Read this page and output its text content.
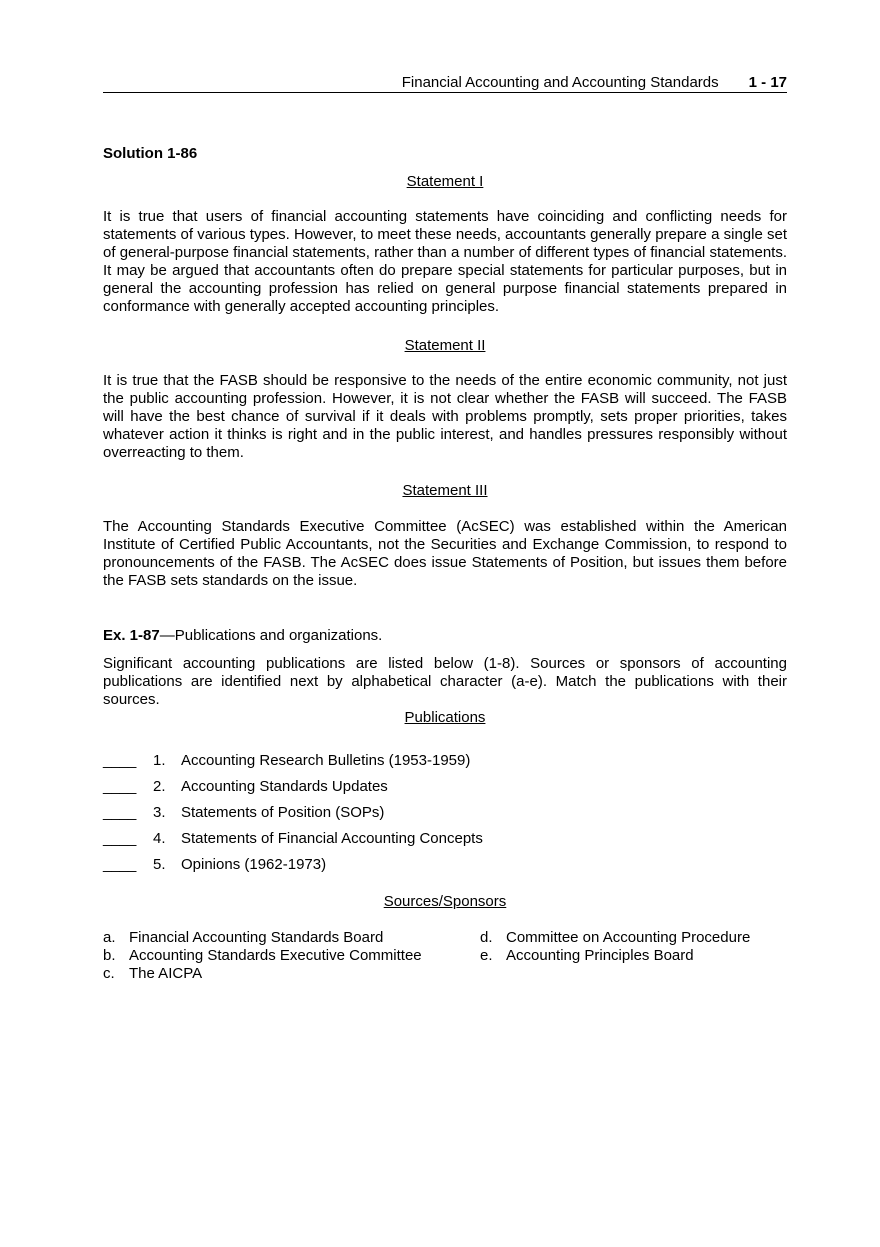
Financial Accounting and Accounting Standards 1 - 17
Solution 1-86
Statement I

It is true that users of financial accounting statements have coinciding and conflicting needs for statements of various types. However, to meet these needs, accountants generally prepare a single set of general-purpose financial statements, rather than a number of different types of financial statements. It may be argued that accountants often do prepare special statements for particular purposes, but in general the accounting profession has relied on general purpose financial statements prepared in conformance with generally accepted accounting principles.

Statement II

It is true that the FASB should be responsive to the needs of the entire economic community, not just the public accounting profession. However, it is not clear whether the FASB will succeed. The FASB will have the best chance of survival if it deals with problems promptly, sets proper priorities, takes whatever action it thinks is right and in the public interest, and handles pressures responsibly without overreacting to them.

Statement III

The Accounting Standards Executive Committee (AcSEC) was established within the American Institute of Certified Public Accountants, not the Securities and Exchange Commission, to respond to pronouncements of the FASB. The AcSEC does issue Statements of Position, but issues them before the FASB sets standards on the issue.

Ex. 1-87—Publications and organizations.

Significant accounting publications are listed below (1-8). Sources or sponsors of accounting publications are identified next by alphabetical character (a-e). Match the publications with their sources.

Publications
____	1.	Accounting Research Bulletins (1953-1959)
____	2.	Accounting Standards Updates
____	3.	Statements of Position (SOPs)
____	4.	Statements of Financial Accounting Concepts
____	5.	Opinions (1962-1973)
Sources/Sponsors
a. Financial Accounting Standards Board
b. Accounting Standards Executive Committee
c. The AICPA
d. Committee on Accounting Procedure
e. Accounting Principles Board
